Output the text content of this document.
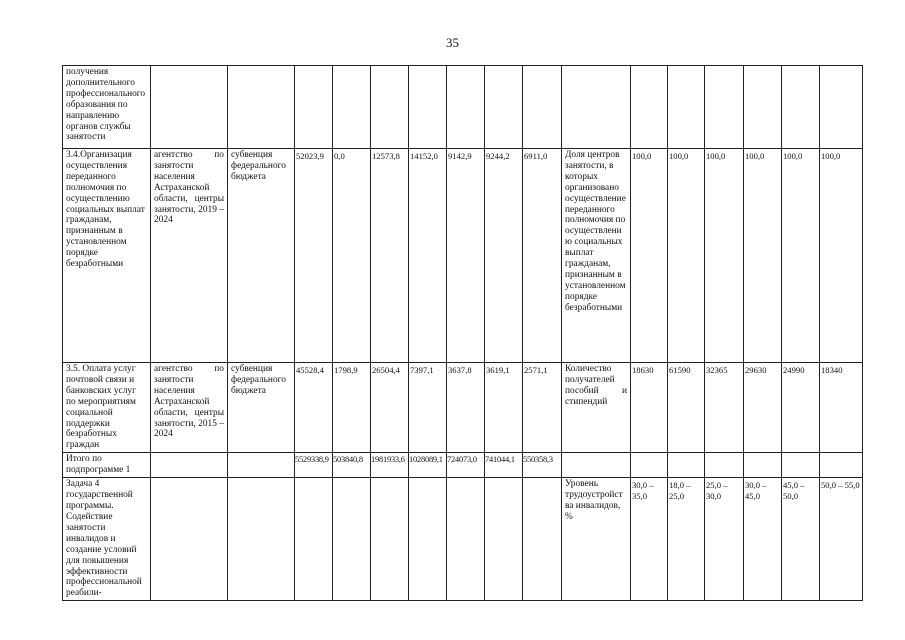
35
получения дополнительного профессионального образования по направлению органов службы занятости																
3.4.Организация осуществления переданного полномочия по осуществлению социальных выплат гражданам, признанным в установленном порядке безработными	агентство по занятости населения Астраханской области, центры занятости, 2019 – 2024	субвенция федерального бюджета	52023,9	0,0	12573,8	14152,0	9142,9	9244,2	6911,0	Доля центров занятости, в которых организовано осуществление переданного полномочия по осуществлению социальных выплат гражданам, признанным в установленном порядке безработными	100,0	100,0	100,0	100,0	100,0	100,0
3.5. Оплата услуг почтовой связи и банковских услуг по мероприятиям социальной поддержки безработных граждан	агентство по занятости населения Астраханской области, центры занятости, 2015 – 2024	субвенция федерального бюджета	45528,4	1798,9	26504,4	7397,1	3637,8	3619,1	2571,1	Количество получателей пособий и стипендий	18630	61590	32365	29630	24990	18340
Итого по подпрограмме 1			5529338,9	503840,8	1981933,6	1028089,1	724073,0	741044,1	550358,3							
Задача 4 государственной программы. Содействие занятости инвалидов и создание условий для повышения эффективности профессиональной реабили-										Уровень трудоустройства инвалидов, %	30,0 – 35,0	18,0 – 25,0	25,0 – 30,0	30,0 – 45,0	45,0 – 50,0	50,0 – 55,0
